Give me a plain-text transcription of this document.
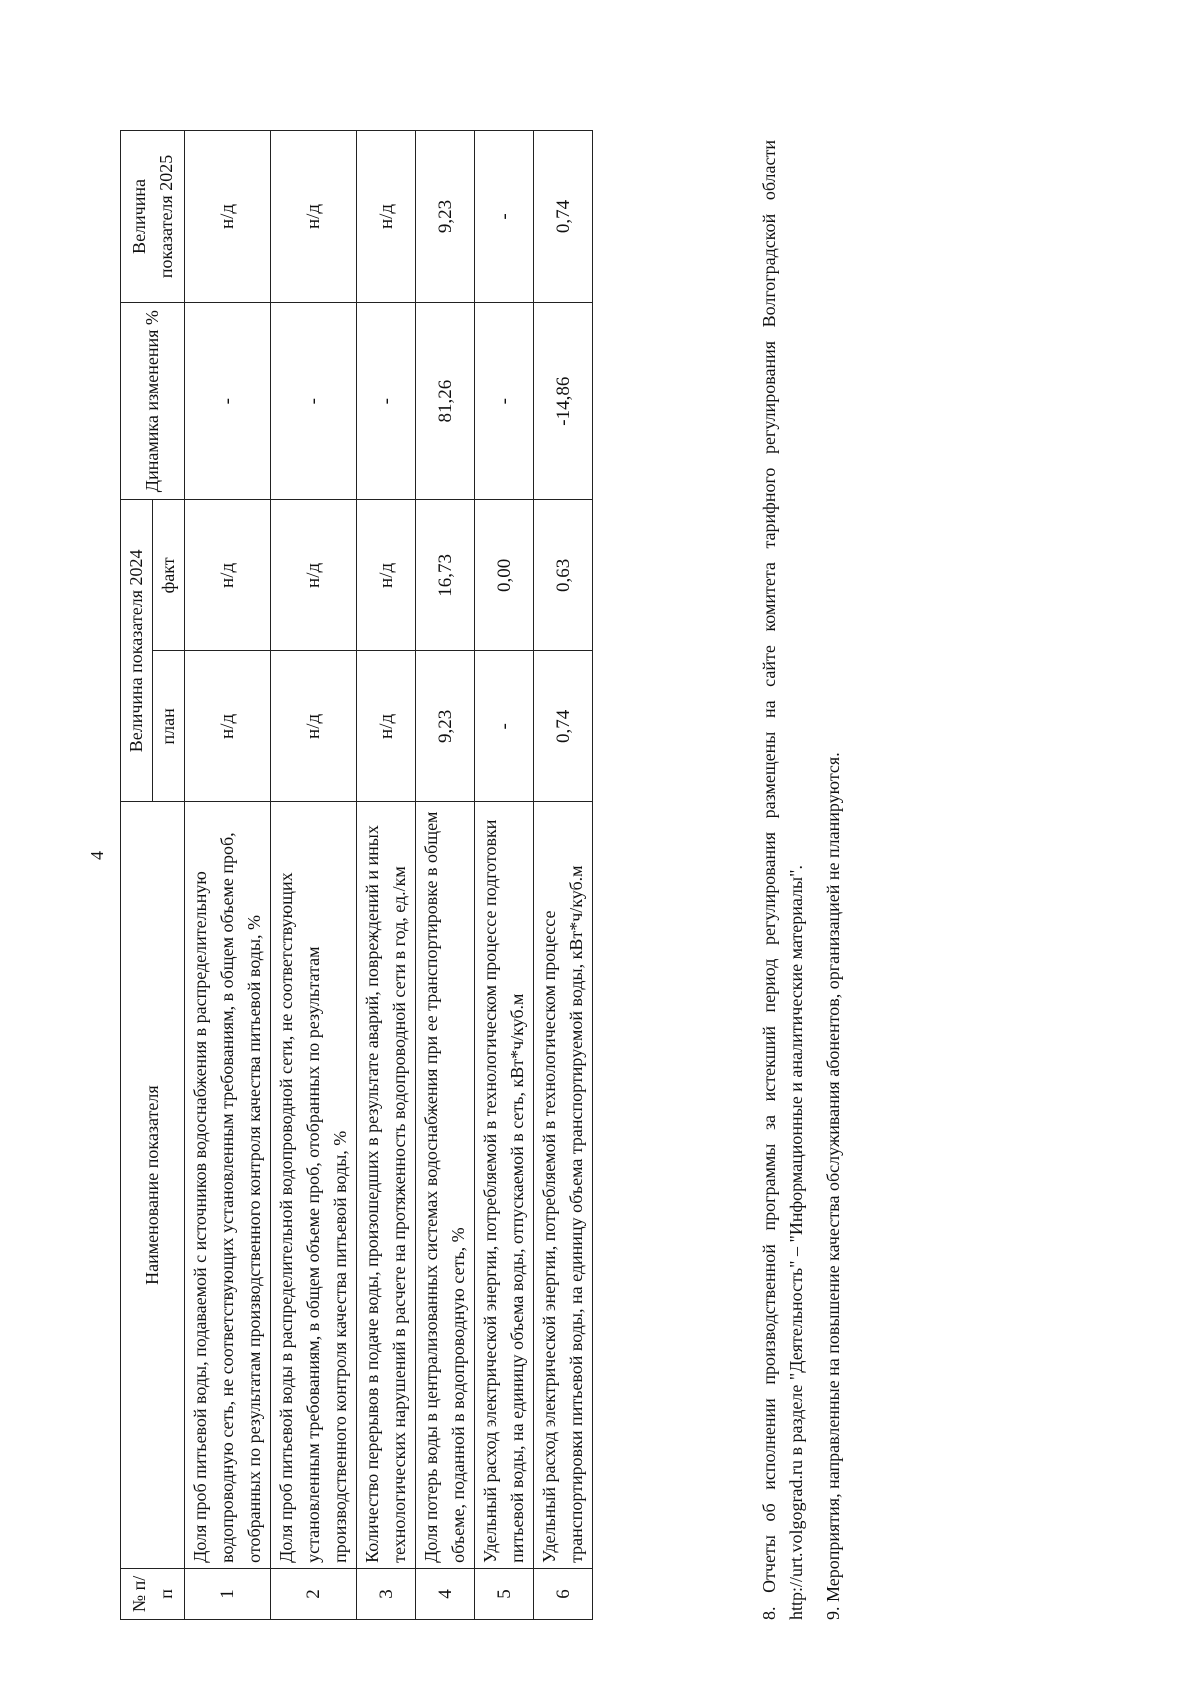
4
№ п/п	Наименование показателя	Величина показателя 2024		Динамика изменения %	Величина показателя 2025
		план	факт		
1	Доля проб питьевой воды, подаваемой с источников водоснабжения в распределительную водопроводную сеть, не соответствующих установленным требованиям, в общем объеме проб, отобранных по результатам производственного контроля качества питьевой воды, %	н/д	н/д	-	н/д
2	Доля проб питьевой воды в распределительной водопроводной сети, не соответствующих установленным требованиям, в общем объеме проб, отобранных по результатам производственного контроля качества питьевой воды, %	н/д	н/д	-	н/д
3	Количество перерывов в подаче воды, произошедших в результате аварий, повреждений и иных технологических нарушений в расчете на протяженность водопроводной сети в год, ед./км	н/д	н/д	-	н/д
4	Доля потерь воды в централизованных системах водоснабжения при ее транспортировке в общем объеме, поданной в водопроводную сеть, %	9,23	16,73	81,26	9,23
5	Удельный расход электрической энергии, потребляемой в технологическом процессе подготовки питьевой воды, на единицу объема воды, отпускаемой в сеть, кВт*ч/куб.м	-	0,00	-	-
6	Удельный расход электрической энергии, потребляемой в технологическом процессе транспортировки питьевой воды, на единицу объема транспортируемой воды, кВт*ч/куб.м	0,74	0,63	-14,86	0,74	8. Отчеты об исполнении производственной программы за истекший период регулирования размещены на сайте комитета тарифного регулирования Волгоградской области http://urt.volgograd.ru в разделе "Деятельность" – "Информационные и аналитические материалы". 9. Мероприятия, направленные на повышение качества обслуживания абонентов, организацией не планируются.
